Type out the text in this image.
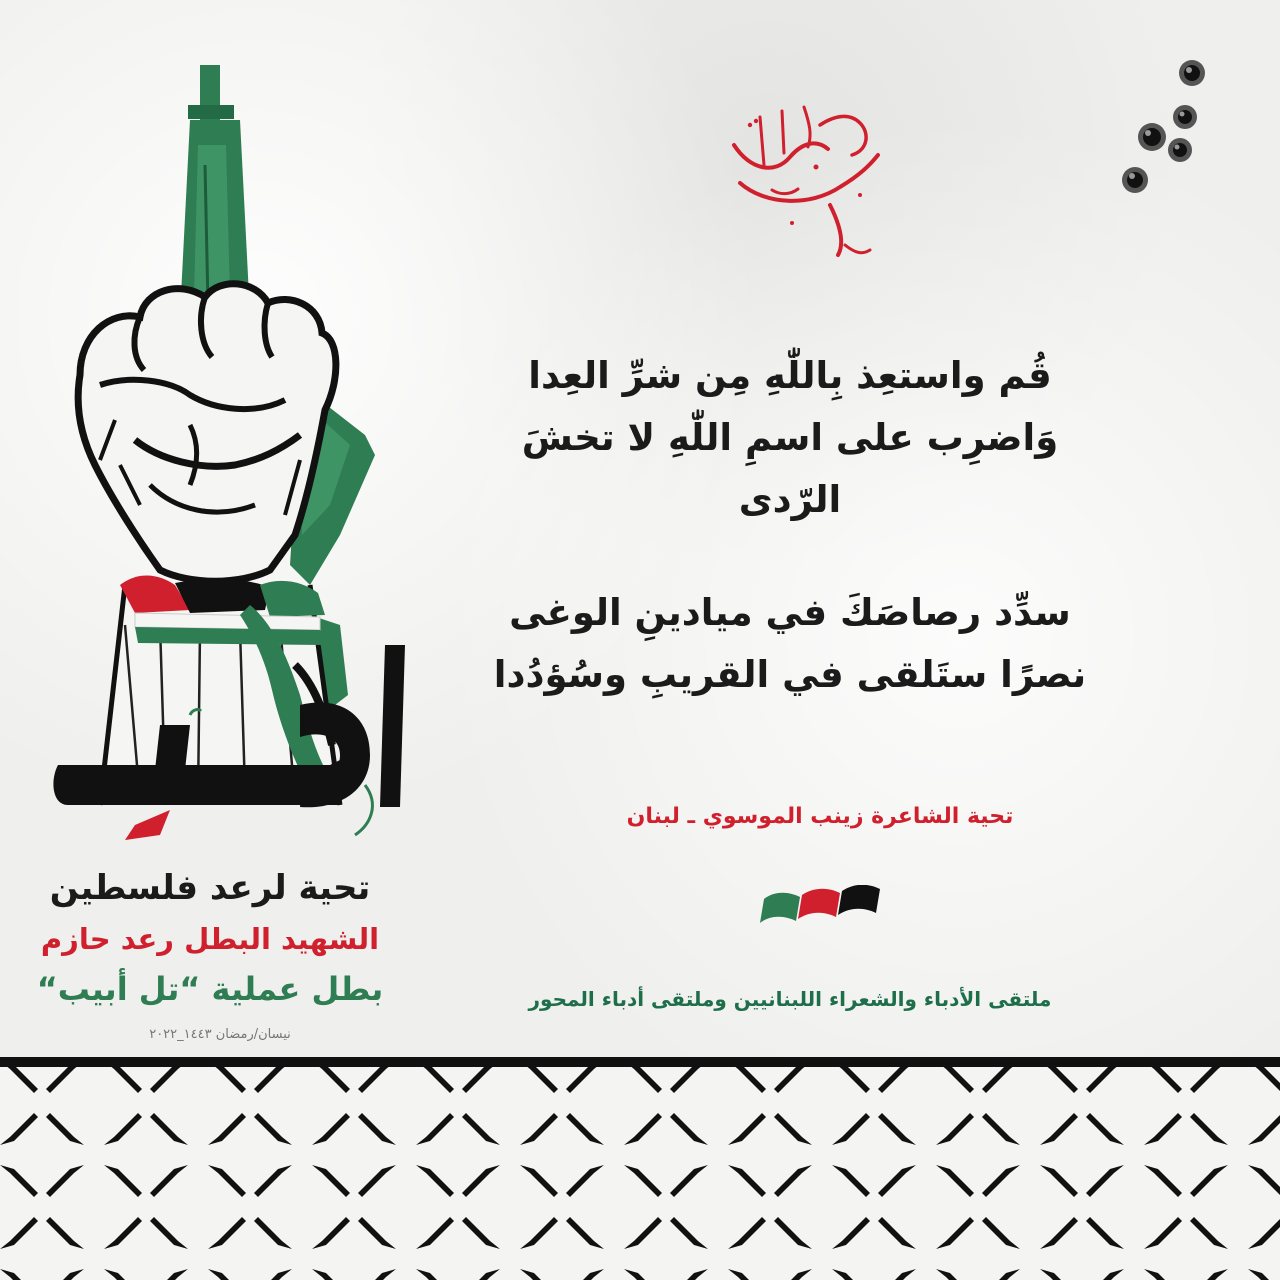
بسم الله قاصم الجبارين
اضرب
تحية لرعد فلسطين
الشهيد البطل رعد حازم
بطل عملية “تل أبيب“
نيسان/رمضان ١٤٤٣_٢٠٢٢
قُم واستعِذ بِاللّٰهِ مِن شرِّ العِدا
وَاضرِب على اسمِ اللّٰهِ لا تخشَ الرّدى
سدِّد رصاصَكَ في ميادينِ الوغى
نصرًا ستَلقى في القريبِ وسُؤدُدا
تحية الشاعرة زينب الموسوي ـ لبنان
ملتقى الأدباء والشعراء اللبنانيين وملتقى أدباء المحور
